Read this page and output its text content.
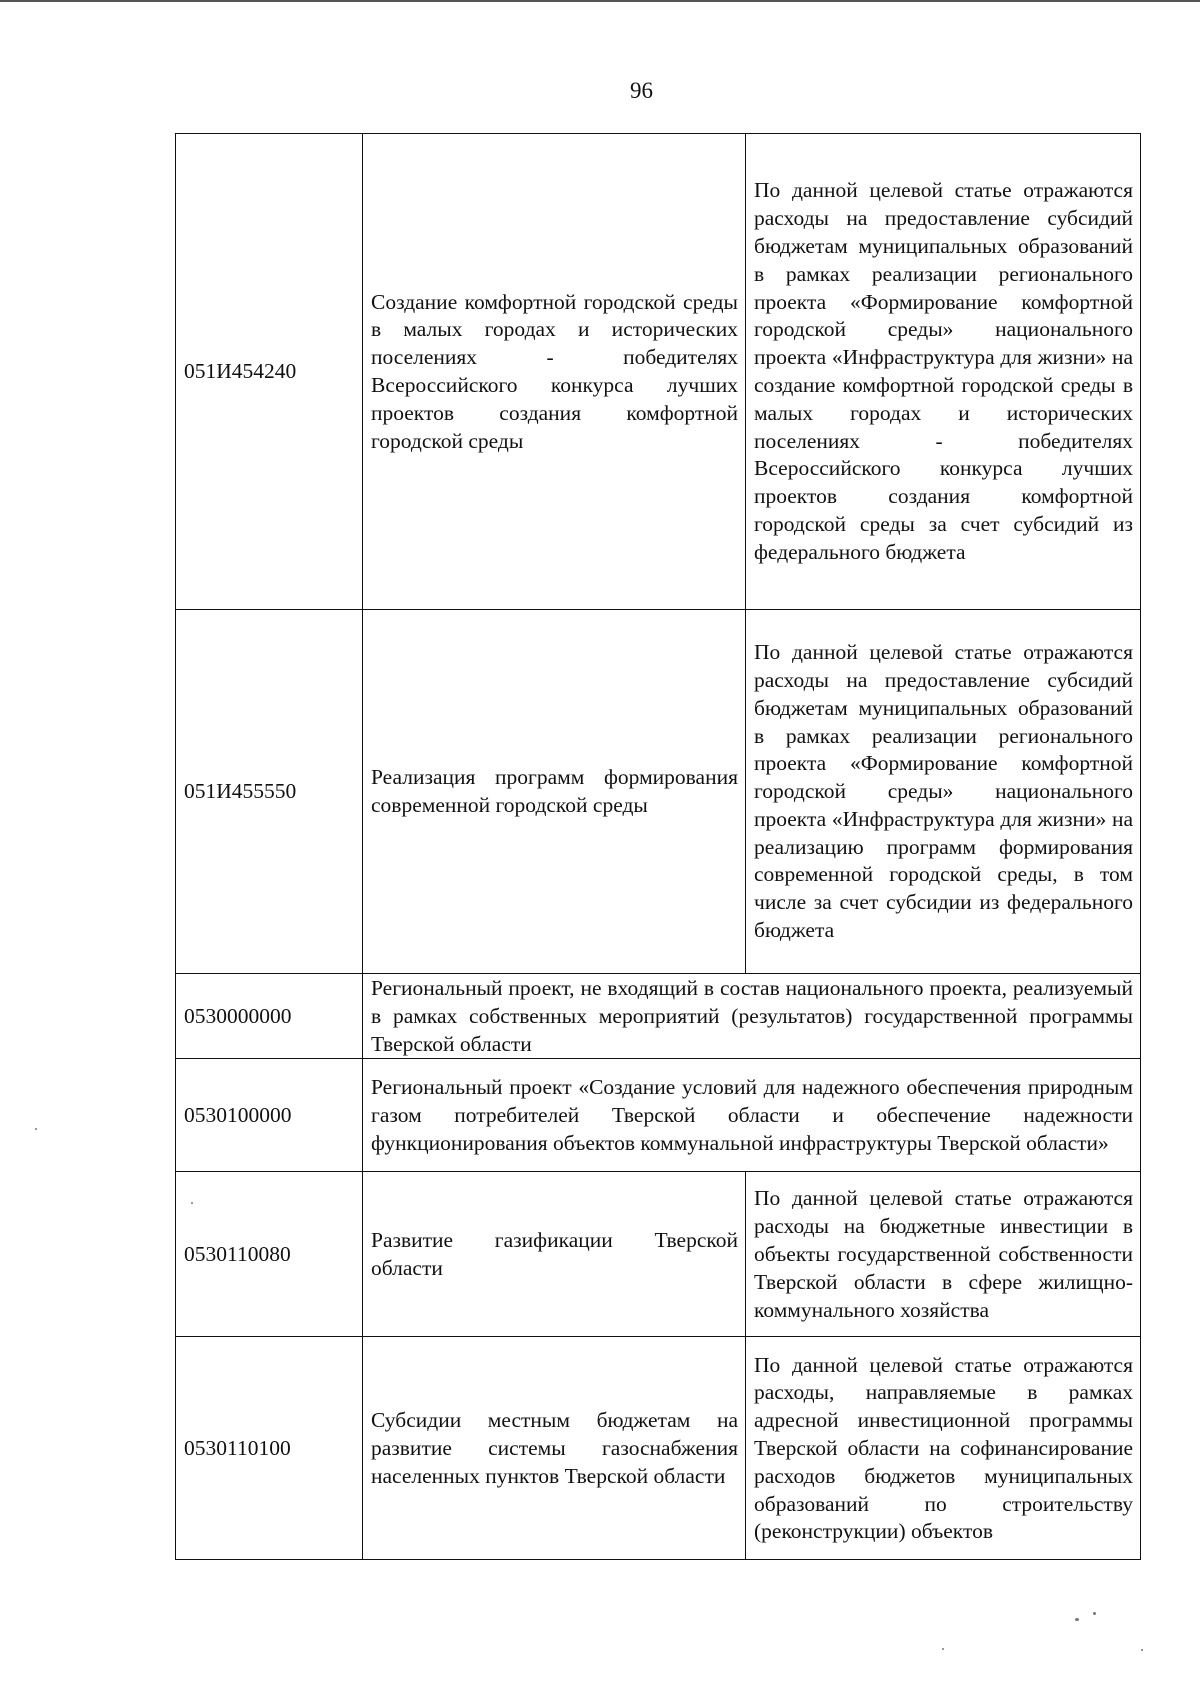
96
051И454240	Создание комфортной городской среды в малых городах и исторических поселениях - победителях Всероссийского конкурса лучших проектов создания комфортной городской среды	По данной целевой статье отражаются расходы на предоставление субсидий бюджетам муниципальных образований в рамках реализации регионального проекта «Формирование комфортной городской среды» национального проекта «Инфраструктура для жизни» на создание комфортной городской среды в малых городах и исторических поселениях - победителях Всероссийского конкурса лучших проектов создания комфортной городской среды за счет субсидий из федерального бюджета
051И455550	Реализация программ формирования современной городской среды	По данной целевой статье отражаются расходы на предоставление субсидий бюджетам муниципальных образований в рамках реализации регионального проекта «Формирование комфортной городской среды» национального проекта «Инфраструктура для жизни» на реализацию программ формирования современной городской среды, в том числе за счет субсидии из федерального бюджета
0530000000	Региональный проект, не входящий в состав национального проекта, реализуемый в рамках собственных мероприятий (результатов) государственной программы Тверской области	
0530100000	Региональный проект «Создание условий для надежного обеспечения природным газом потребителей Тверской области и обеспечение надежности функционирования объектов коммунальной инфраструктуры Тверской области»	
0530110080	Развитие газификации Тверской области	По данной целевой статье отражаются расходы на бюджетные инвестиции в объекты государственной собственности Тверской области в сфере жилищно-коммунального хозяйства
0530110100	Субсидии местным бюджетам на развитие системы газоснабжения населенных пунктов Тверской области	По данной целевой статье отражаются расходы, направляемые в рамках адресной инвестиционной программы Тверской области на софинансирование расходов бюджетов муниципальных образований по строительству (реконструкции) объектов
